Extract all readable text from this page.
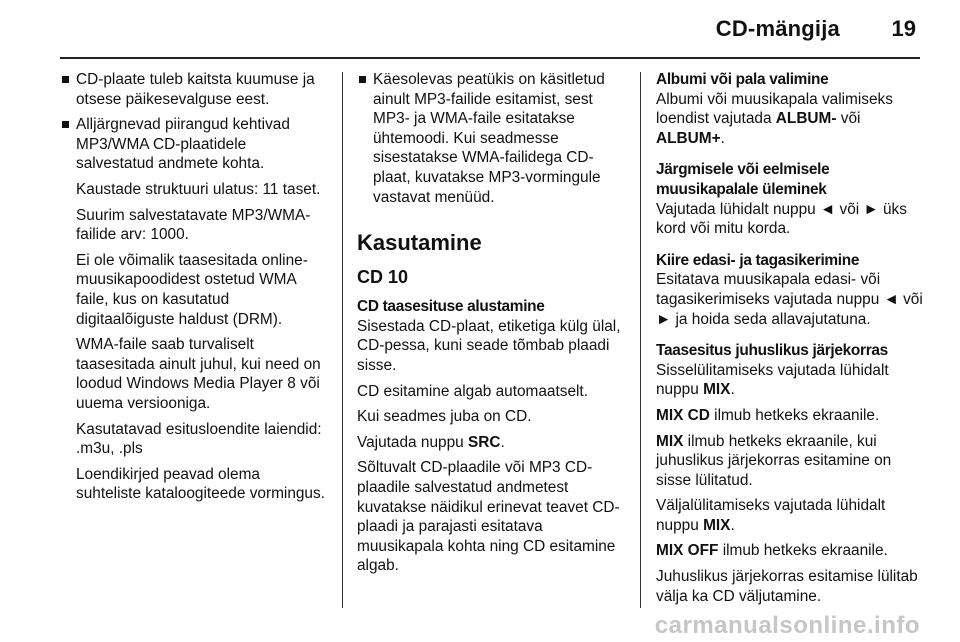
CD-mängija 19
CD-plaate tuleb kaitsta kuumuse ja otsese päikesevalguse eest.
Alljärgnevad piirangud kehtivad MP3/WMA CD-plaatidele salvestatud andmete kohta.

Kaustade struktuuri ulatus: 11 taset.

Suurim salvestatavate MP3/WMA-failide arv: 1000.

Ei ole võimalik taasesitada online-muusikapoodidest ostetud WMA faile, kus on kasutatud digitaalõiguste haldust (DRM).

WMA-faile saab turvaliselt taasesitada ainult juhul, kui need on loodud Windows Media Player 8 või uuema versiooniga.

Kasutatavad esitusloendite laiendid: .m3u, .pls

Loendikirjed peavad olema suhteliste kataloogiteede vormingus.

Käesolevas peatükis on käsitletud ainult MP3-failide esitamist, sest MP3- ja WMA-faile esitatakse ühtemoodi. Kui seadmesse sisestatakse WMA-failidega CD-plaat, kuvatakse MP3-vormingule vastavat menüüd.
Kasutamine
CD 10

CD taasesituse alustamine

Sisestada CD-plaat, etiketiga külg ülal, CD-pessa, kuni seade tõmbab plaadi sisse.

CD esitamine algab automaatselt.

Kui seadmes juba on CD.

Vajutada nuppu SRC.

Sõltuvalt CD-plaadile või MP3 CD-plaadile salvestatud andmetest kuvatakse näidikul erinevat teavet CD-plaadi ja parajasti esitatava muusikapala kohta ning CD esitamine algab.

Albumi või pala valimine

Albumi või muusikapala valimiseks loendist vajutada ALBUM- või ALBUM+.

Järgmisele või eelmisele
muusikapalale üleminek

Vajutada lühidalt nuppu ◄ või ► üks kord või mitu korda.

Kiire edasi- ja tagasikerimine

Esitatava muusikapala edasi- või tagasikerimiseks vajutada nuppu ◄ või ► ja hoida seda allavajutatuna.

Taasesitus juhuslikus järjekorras

Sisselülitamiseks vajutada lühidalt nuppu MIX.

MIX CD ilmub hetkeks ekraanile.

MIX ilmub hetkeks ekraanile, kui juhuslikus järjekorras esitamine on sisse lülitatud.

Väljalülitamiseks vajutada lühidalt nuppu MIX.

MIX OFF ilmub hetkeks ekraanile.

Juhuslikus järjekorras esitamise lülitab välja ka CD väljutamine.

carmanualsonline.info
